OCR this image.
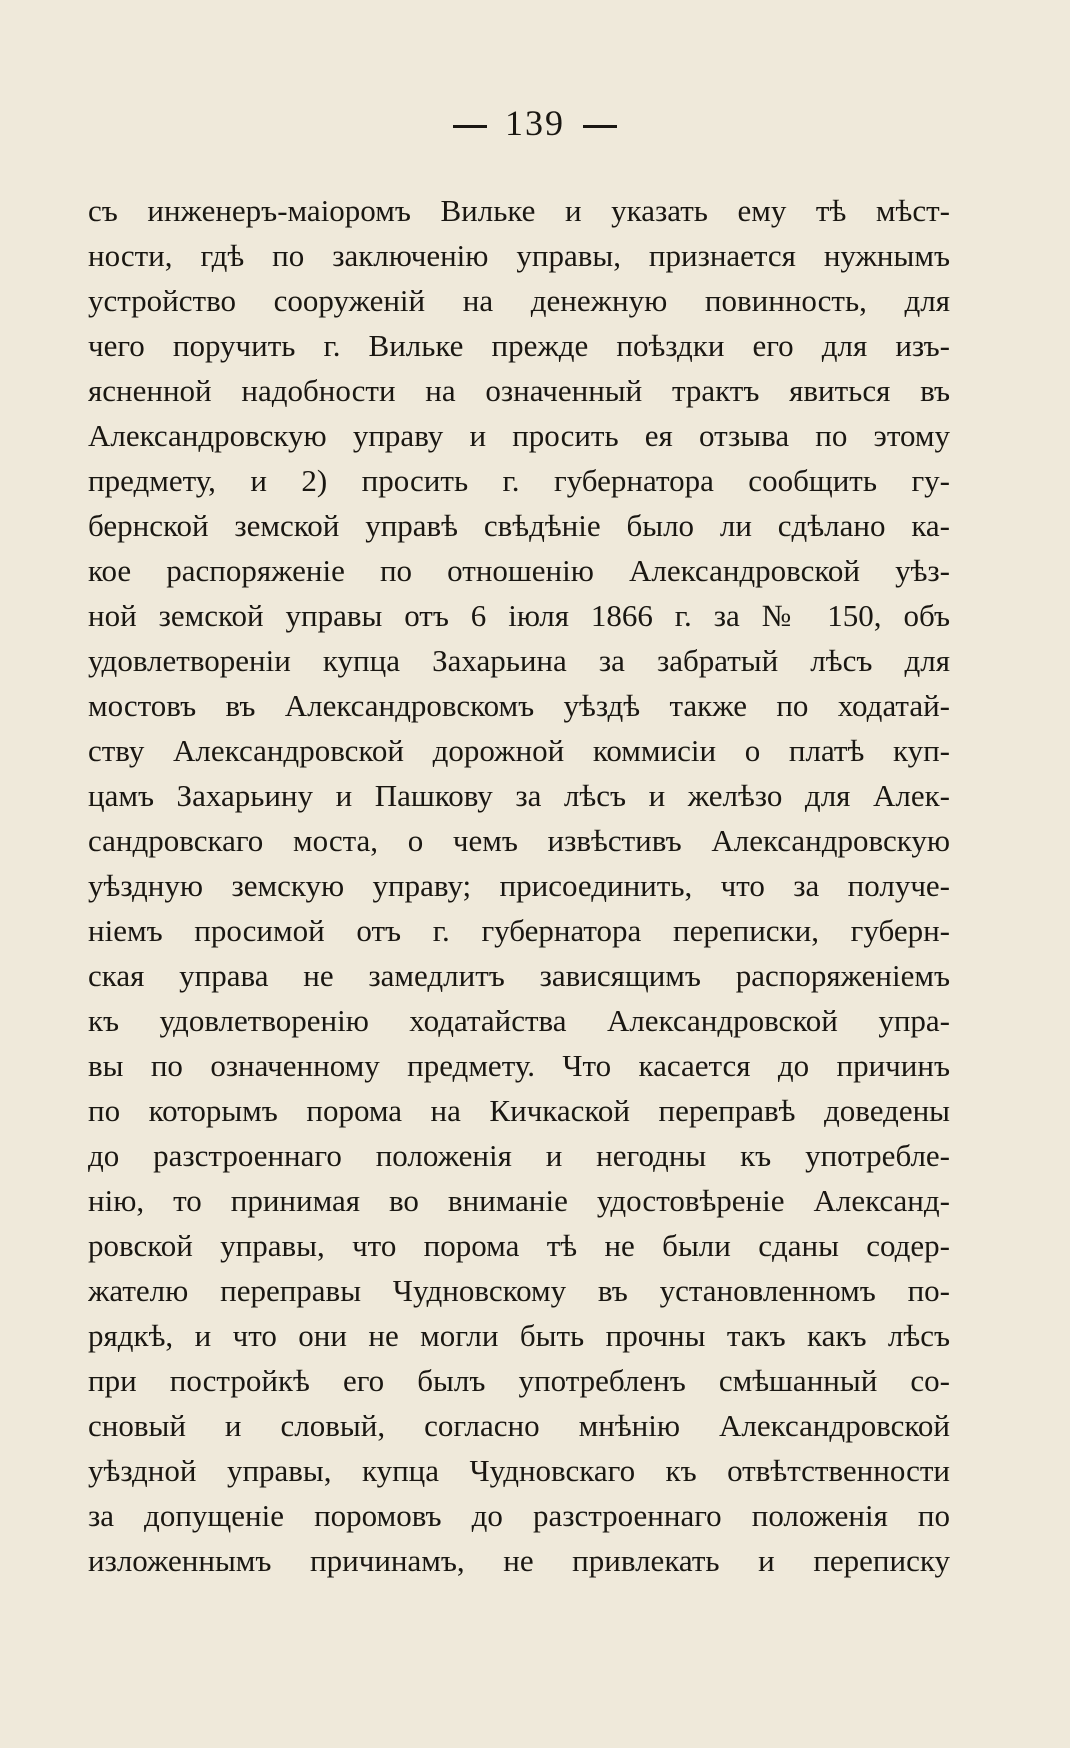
139
съ инженеръ-маіоромъ Вильке и указать ему тѣ мѣст-
ности, гдѣ по заключенію управы, признается нужнымъ
устройство сооруженій на денежную повинность, для
чего поручить г. Вильке прежде поѣздки его для изъ-
ясненной надобности на означенный трактъ явиться въ
Александровскую управу и просить ея отзыва по этому
предмету, и 2) просить г. губернатора сообщить гу-
бернской земской управѣ свѣдѣніе было ли сдѣлано ка-
кое распоряженіе по отношенію Александровской уѣз-
ной земской управы отъ 6 іюля 1866 г. за № 150, объ
удовлетвореніи купца Захарьина за забратый лѣсъ для
мостовъ въ Александровскомъ уѣздѣ также по ходатай-
ству Александровской дорожной коммисіи о платѣ куп-
цамъ Захарьину и Пашкову за лѣсъ и желѣзо для Алек-
сандровскаго моста, о чемъ извѣстивъ Александровскую
уѣздную земскую управу; присоединить, что за получе-
ніемъ просимой отъ г. губернатора переписки, губерн-
ская управа не замедлитъ зависящимъ распоряженіемъ
къ удовлетворенію ходатайства Александровской упра-
вы по означенному предмету. Что касается до причинъ
по которымъ порома на Кичкаской переправѣ доведены
до разстроеннаго положенія и негодны къ употребле-
нію, то принимая во вниманіе удостовѣреніе Александ-
ровской управы, что порома тѣ не были сданы содер-
жателю переправы Чудновскому въ установленномъ по-
рядкѣ, и что они не могли быть прочны такъ какъ лѣсъ
при постройкѣ его былъ употребленъ смѣшанный со-
сновый и словый, согласно мнѣнію Александровской
уѣздной управы, купца Чудновскаго къ отвѣтственности
за допущеніе поромовъ до разстроеннаго положенія по
изложеннымъ причинамъ, не привлекать и переписку
